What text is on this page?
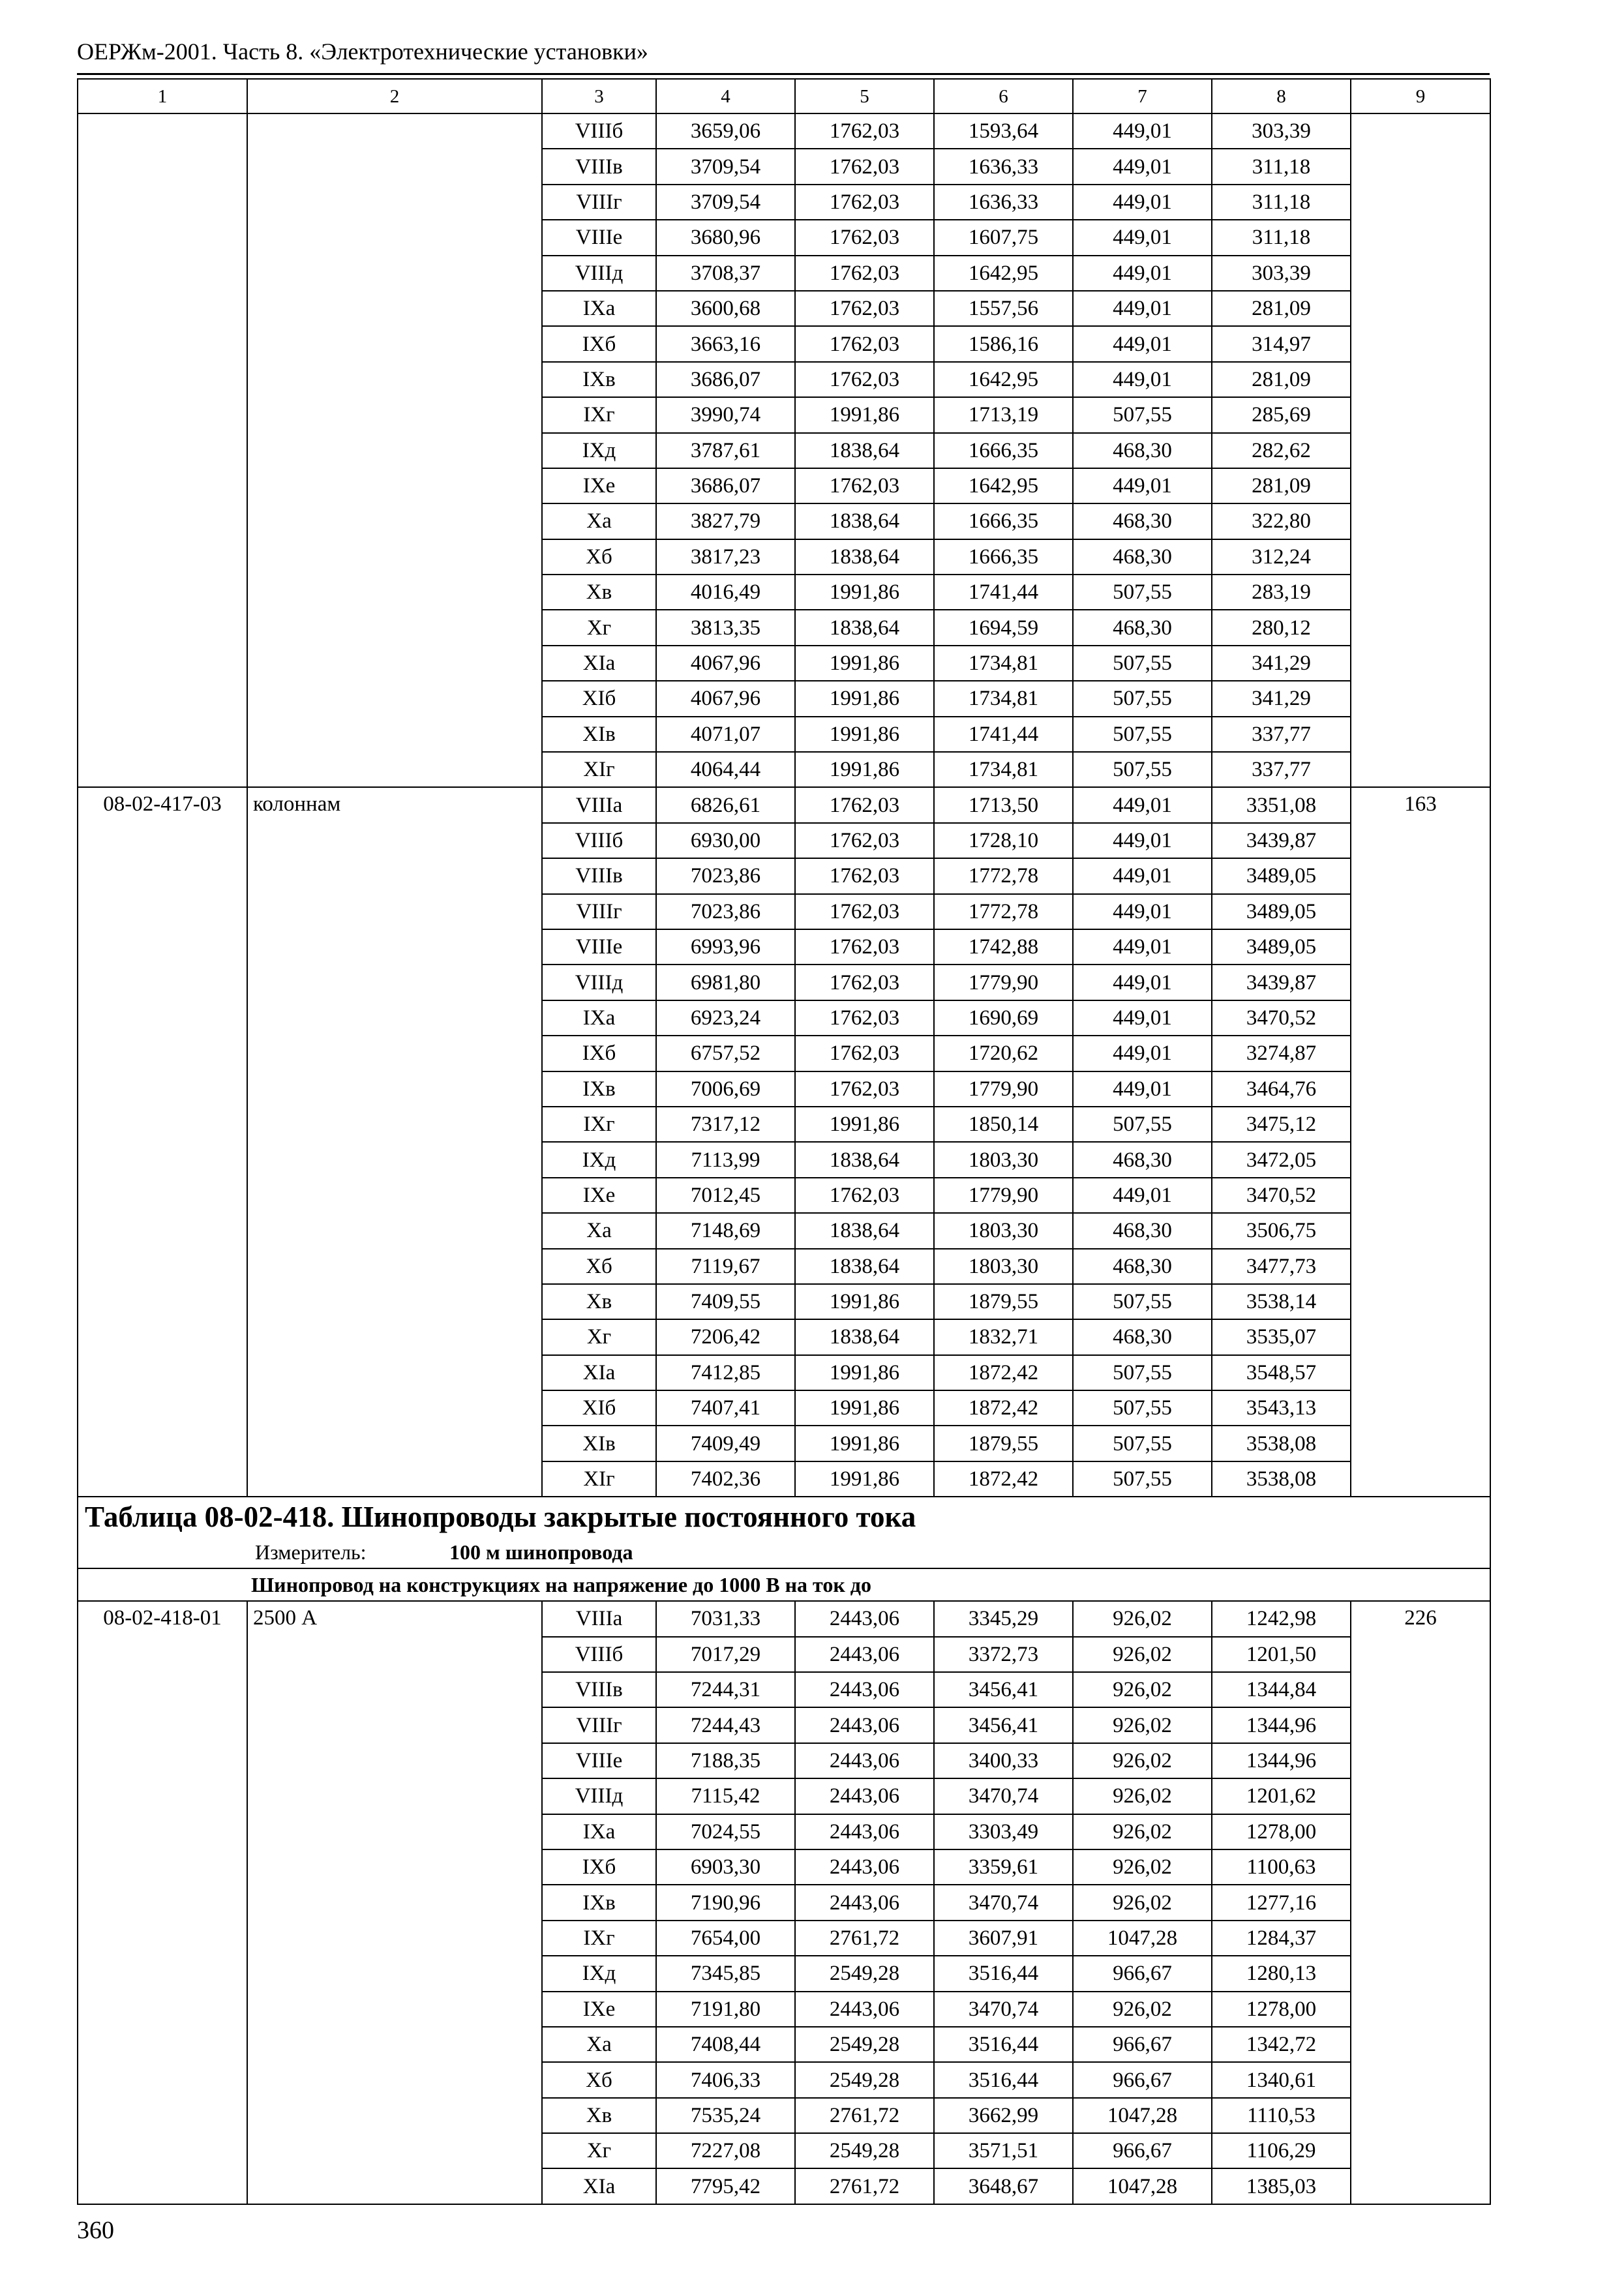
ОЕРЖм-2001. Часть 8. «Электротехнические установки»
1	2	3	4	5	6	7	8	9
		VIIIб	3659,06	1762,03	1593,64	449,01	303,39	
		VIIIв	3709,54	1762,03	1636,33	449,01	311,18	
		VIIIг	3709,54	1762,03	1636,33	449,01	311,18	
		VIIIe	3680,96	1762,03	1607,75	449,01	311,18	
		VIIIд	3708,37	1762,03	1642,95	449,01	303,39	
		IXa	3600,68	1762,03	1557,56	449,01	281,09	
		IXб	3663,16	1762,03	1586,16	449,01	314,97	
		IXв	3686,07	1762,03	1642,95	449,01	281,09	
		IXг	3990,74	1991,86	1713,19	507,55	285,69	
		IXд	3787,61	1838,64	1666,35	468,30	282,62	
		IXe	3686,07	1762,03	1642,95	449,01	281,09	
		Xa	3827,79	1838,64	1666,35	468,30	322,80	
		Xб	3817,23	1838,64	1666,35	468,30	312,24	
		Xв	4016,49	1991,86	1741,44	507,55	283,19	
		Xг	3813,35	1838,64	1694,59	468,30	280,12	
		XIa	4067,96	1991,86	1734,81	507,55	341,29	
		XIб	4067,96	1991,86	1734,81	507,55	341,29	
		XIв	4071,07	1991,86	1741,44	507,55	337,77	
		XIг	4064,44	1991,86	1734,81	507,55	337,77	
08-02-417-03	колоннам	VIIIa	6826,61	1762,03	1713,50	449,01	3351,08	163
		VIIIб	6930,00	1762,03	1728,10	449,01	3439,87	
		VIIIв	7023,86	1762,03	1772,78	449,01	3489,05	
		VIIIг	7023,86	1762,03	1772,78	449,01	3489,05	
		VIIIe	6993,96	1762,03	1742,88	449,01	3489,05	
		VIIIд	6981,80	1762,03	1779,90	449,01	3439,87	
		IXa	6923,24	1762,03	1690,69	449,01	3470,52	
		IXб	6757,52	1762,03	1720,62	449,01	3274,87	
		IXв	7006,69	1762,03	1779,90	449,01	3464,76	
		IXг	7317,12	1991,86	1850,14	507,55	3475,12	
		IXд	7113,99	1838,64	1803,30	468,30	3472,05	
		IXe	7012,45	1762,03	1779,90	449,01	3470,52	
		Xa	7148,69	1838,64	1803,30	468,30	3506,75	
		Xб	7119,67	1838,64	1803,30	468,30	3477,73	
		Xв	7409,55	1991,86	1879,55	507,55	3538,14	
		Xг	7206,42	1838,64	1832,71	468,30	3535,07	
		XIa	7412,85	1991,86	1872,42	507,55	3548,57	
		XIб	7407,41	1991,86	1872,42	507,55	3543,13	
		XIв	7409,49	1991,86	1879,55	507,55	3538,08	
		XIг	7402,36	1991,86	1872,42	507,55	3538,08	
Таблица 08-02-418. Шинопроводы закрытые постоянного тока								
Измеритель: 100 м шинопровода								
Шинопровод на конструкциях на напряжение до 1000 В на ток до								
08-02-418-01	2500 А	VIIIa	7031,33	2443,06	3345,29	926,02	1242,98	226
		VIIIб	7017,29	2443,06	3372,73	926,02	1201,50	
		VIIIв	7244,31	2443,06	3456,41	926,02	1344,84	
		VIIIг	7244,43	2443,06	3456,41	926,02	1344,96	
		VIIIe	7188,35	2443,06	3400,33	926,02	1344,96	
		VIIIд	7115,42	2443,06	3470,74	926,02	1201,62	
		IXa	7024,55	2443,06	3303,49	926,02	1278,00	
		IXб	6903,30	2443,06	3359,61	926,02	1100,63	
		IXв	7190,96	2443,06	3470,74	926,02	1277,16	
		IXг	7654,00	2761,72	3607,91	1047,28	1284,37	
		IXд	7345,85	2549,28	3516,44	966,67	1280,13	
		IXe	7191,80	2443,06	3470,74	926,02	1278,00	
		Xa	7408,44	2549,28	3516,44	966,67	1342,72	
		Xб	7406,33	2549,28	3516,44	966,67	1340,61	
		Xв	7535,24	2761,72	3662,99	1047,28	1110,53	
		Xг	7227,08	2549,28	3571,51	966,67	1106,29	
		XIa	7795,42	2761,72	3648,67	1047,28	1385,03	
360
